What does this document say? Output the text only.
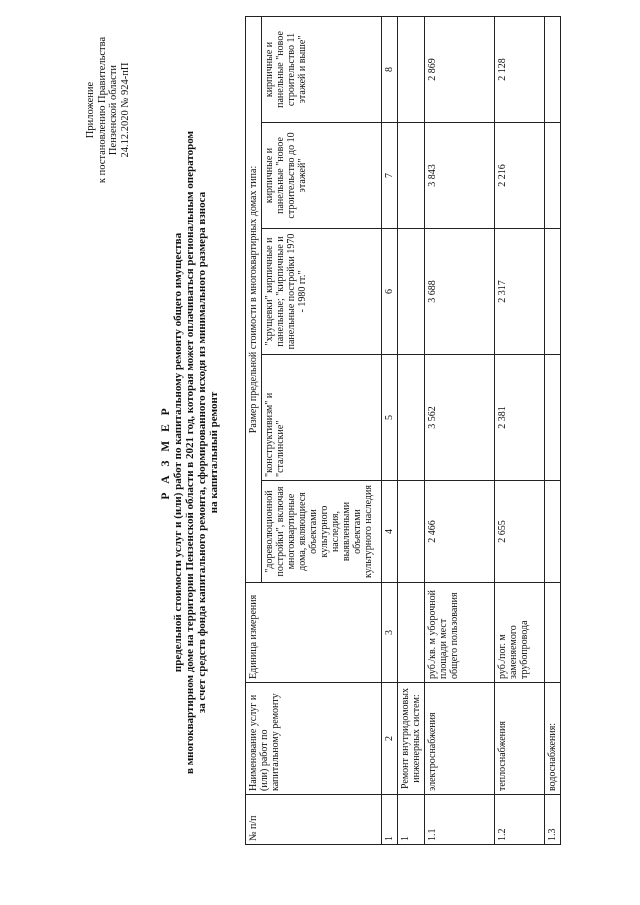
Приложение к постановлению Правительства Пензенской области 24.12.2020 № 924-пП
Р А З М Е Р предельной стоимости услуг и (или) работ по капитальному ремонту общего имущества в многоквартирном доме на территории Пензенской области в 2021 год, которая может оплачиваться региональным оператором за счет средств фонда капитального ремонта, сформированного исходя из минимального размера взноса на капитальный ремонт
№ п/п	Наименование услуг и (или) работ по капитальному ремонту	Единица измерения	Размер предельной стоимости в многоквартирных домах типа:				
			"дореволюционной постройки", включая многоквартирные дома, являющиеся объектами культурного наследия, выявленными объектами культурного наследия	"конструктивизм" и "сталинские"	"хрущевки" кирпичные и панельные; "кирпичные и панельные постройки 1970 - 1980 гг."	кирпичные и панельные "новое строительство до 10 этажей"	кирпичные и панельные "новое строительство 11 этажей и выше"
1	2	3	4	5	6	7	8
1	Ремонт внутридомовых инженерных систем:						
1.1	электроснабжения	руб./кв. м уборочной площади мест общего пользования	2 466	3 562	3 688	3 843	2 869
1.2	теплоснабжения	руб./пог. м заменяемого трубопровода	2 655	2 381	2 317	2 216	2 128
1.3	водоснабжения:						
